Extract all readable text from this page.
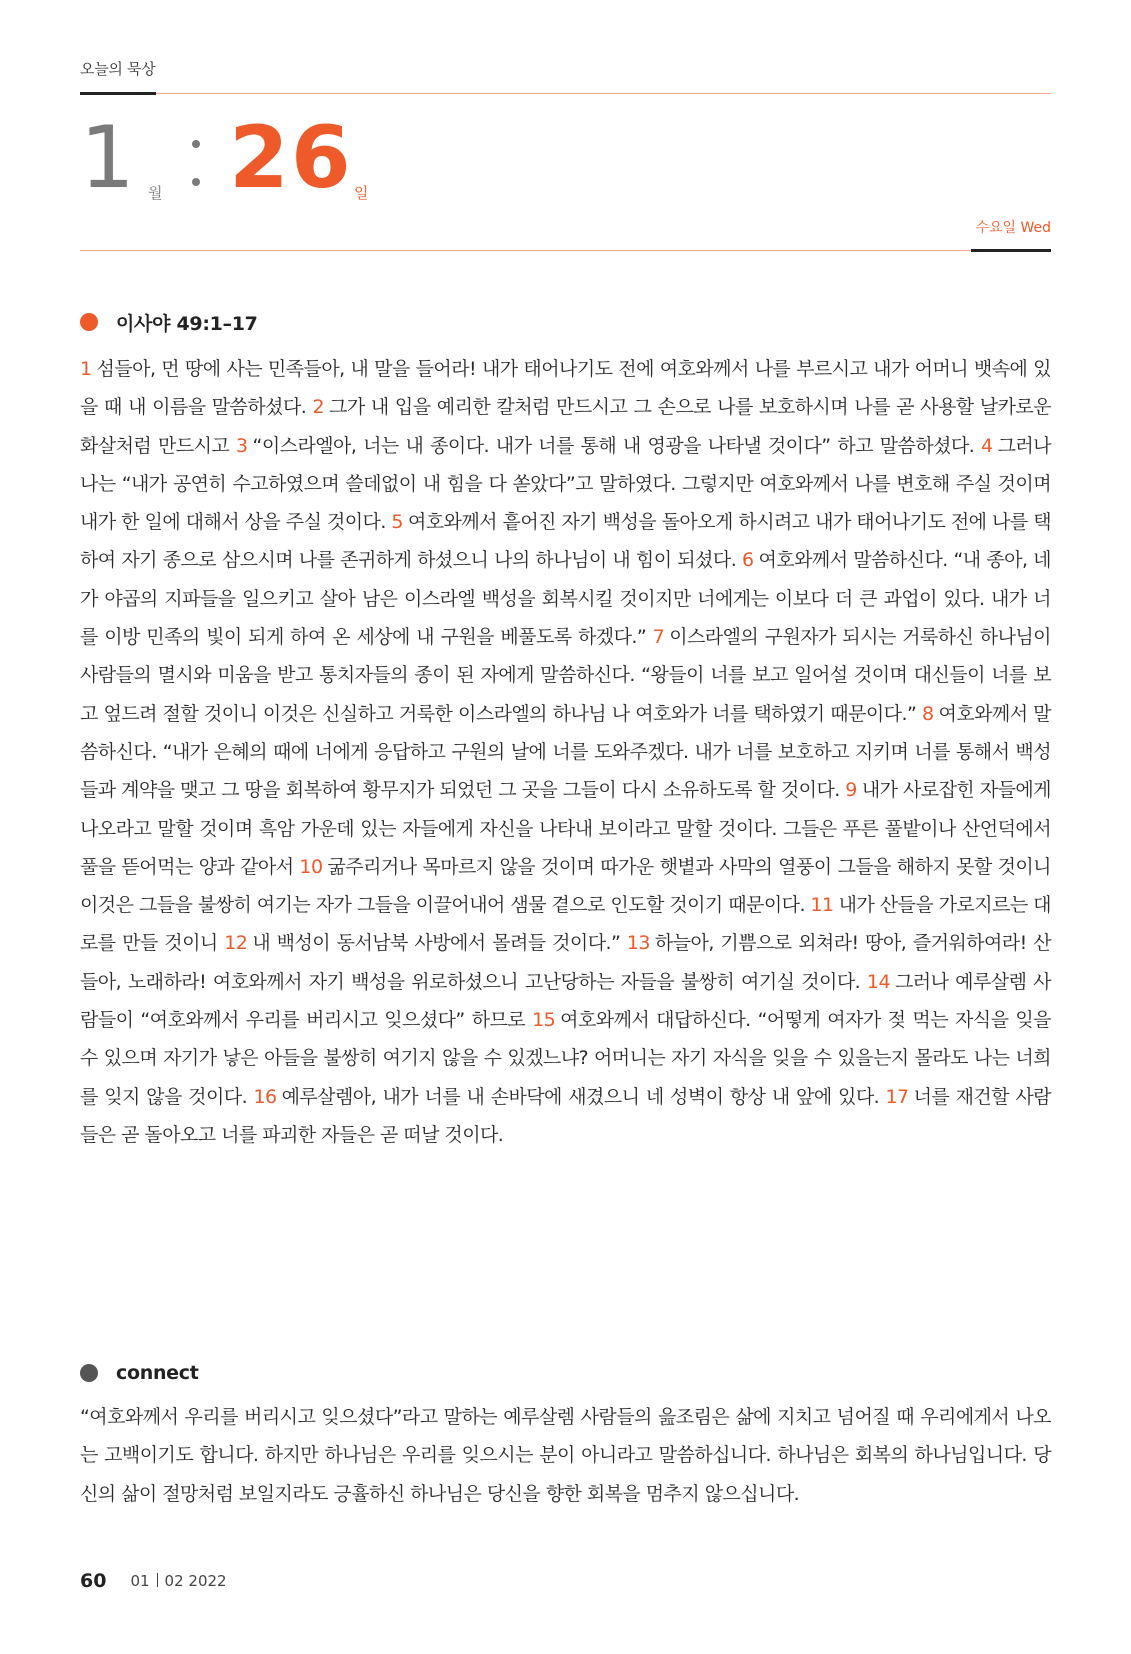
오늘의 묵상
1 월 26 일
수요일 Wed
이사야 49:1–17
1 섬들아, 먼 땅에 사는 민족들아, 내 말을 들어라! 내가 태어나기도 전에 여호와께서 나를 부르시고 내가 어머니 뱃속에 있을 때 내 이름을 말씀하셨다. 2 그가 내 입을 예리한 칼처럼 만드시고 그 손으로 나를 보호하시며 나를 곧 사용할 날카로운 화살처럼 만드시고 3 “이스라엘아, 너는 내 종이다. 내가 너를 통해 내 영광을 나타낼 것이다” 하고 말씀하셨다. 4 그러나 나는 “내가 공연히 수고하였으며 쓸데없이 내 힘을 다 쏟았다”고 말하였다. 그렇지만 여호와께서 나를 변호해 주실 것이며 내가 한 일에 대해서 상을 주실 것이다. 5 여호와께서 흩어진 자기 백성을 돌아오게 하시려고 내가 태어나기도 전에 나를 택하여 자기 종으로 삼으시며 나를 존귀하게 하셨으니 나의 하나님이 내 힘이 되셨다. 6 여호와께서 말씀하신다. “내 종아, 네가 야곱의 지파들을 일으키고 살아 남은 이스라엘 백성을 회복시킬 것이지만 너에게는 이보다 더 큰 과업이 있다. 내가 너를 이방 민족의 빛이 되게 하여 온 세상에 내 구원을 베풀도록 하겠다.” 7 이스라엘의 구원자가 되시는 거룩하신 하나님이 사람들의 멸시와 미움을 받고 통치자들의 종이 된 자에게 말씀하신다. “왕들이 너를 보고 일어설 것이며 대신들이 너를 보고 엎드려 절할 것이니 이것은 신실하고 거룩한 이스라엘의 하나님 나 여호와가 너를 택하였기 때문이다.” 8 여호와께서 말씀하신다. “내가 은혜의 때에 너에게 응답하고 구원의 날에 너를 도와주겠다. 내가 너를 보호하고 지키며 너를 통해서 백성들과 계약을 맺고 그 땅을 회복하여 황무지가 되었던 그 곳을 그들이 다시 소유하도록 할 것이다. 9 내가 사로잡힌 자들에게 나오라고 말할 것이며 흑암 가운데 있는 자들에게 자신을 나타내 보이라고 말할 것이다. 그들은 푸른 풀밭이나 산언덕에서 풀을 뜯어먹는 양과 같아서 10 굶주리거나 목마르지 않을 것이며 따가운 햇볕과 사막의 열풍이 그들을 해하지 못할 것이니 이것은 그들을 불쌍히 여기는 자가 그들을 이끌어내어 샘물 곁으로 인도할 것이기 때문이다. 11 내가 산들을 가로지르는 대로를 만들 것이니 12 내 백성이 동서남북 사방에서 몰려들 것이다.” 13 하늘아, 기쁨으로 외쳐라! 땅아, 즐거워하여라! 산들아, 노래하라! 여호와께서 자기 백성을 위로하셨으니 고난당하는 자들을 불쌍히 여기실 것이다. 14 그러나 예루살렘 사람들이 “여호와께서 우리를 버리시고 잊으셨다” 하므로 15 여호와께서 대답하신다. “어떻게 여자가 젖 먹는 자식을 잊을 수 있으며 자기가 낳은 아들을 불쌍히 여기지 않을 수 있겠느냐? 어머니는 자기 자식을 잊을 수 있을는지 몰라도 나는 너희를 잊지 않을 것이다. 16 예루살렘아, 내가 너를 내 손바닥에 새겼으니 네 성벽이 항상 내 앞에 있다. 17 너를 재건할 사람들은 곧 돌아오고 너를 파괴한 자들은 곧 떠날 것이다.
connect
“여호와께서 우리를 버리시고 잊으셨다”라고 말하는 예루살렘 사람들의 읊조림은 삶에 지치고 넘어질 때 우리에게서 나오는 고백이기도 합니다. 하지만 하나님은 우리를 잊으시는 분이 아니라고 말씀하십니다. 하나님은 회복의 하나님입니다. 당신의 삶이 절망처럼 보일지라도 긍휼하신 하나님은 당신을 향한 회복을 멈추지 않으십니다.
60 01 02 2022
